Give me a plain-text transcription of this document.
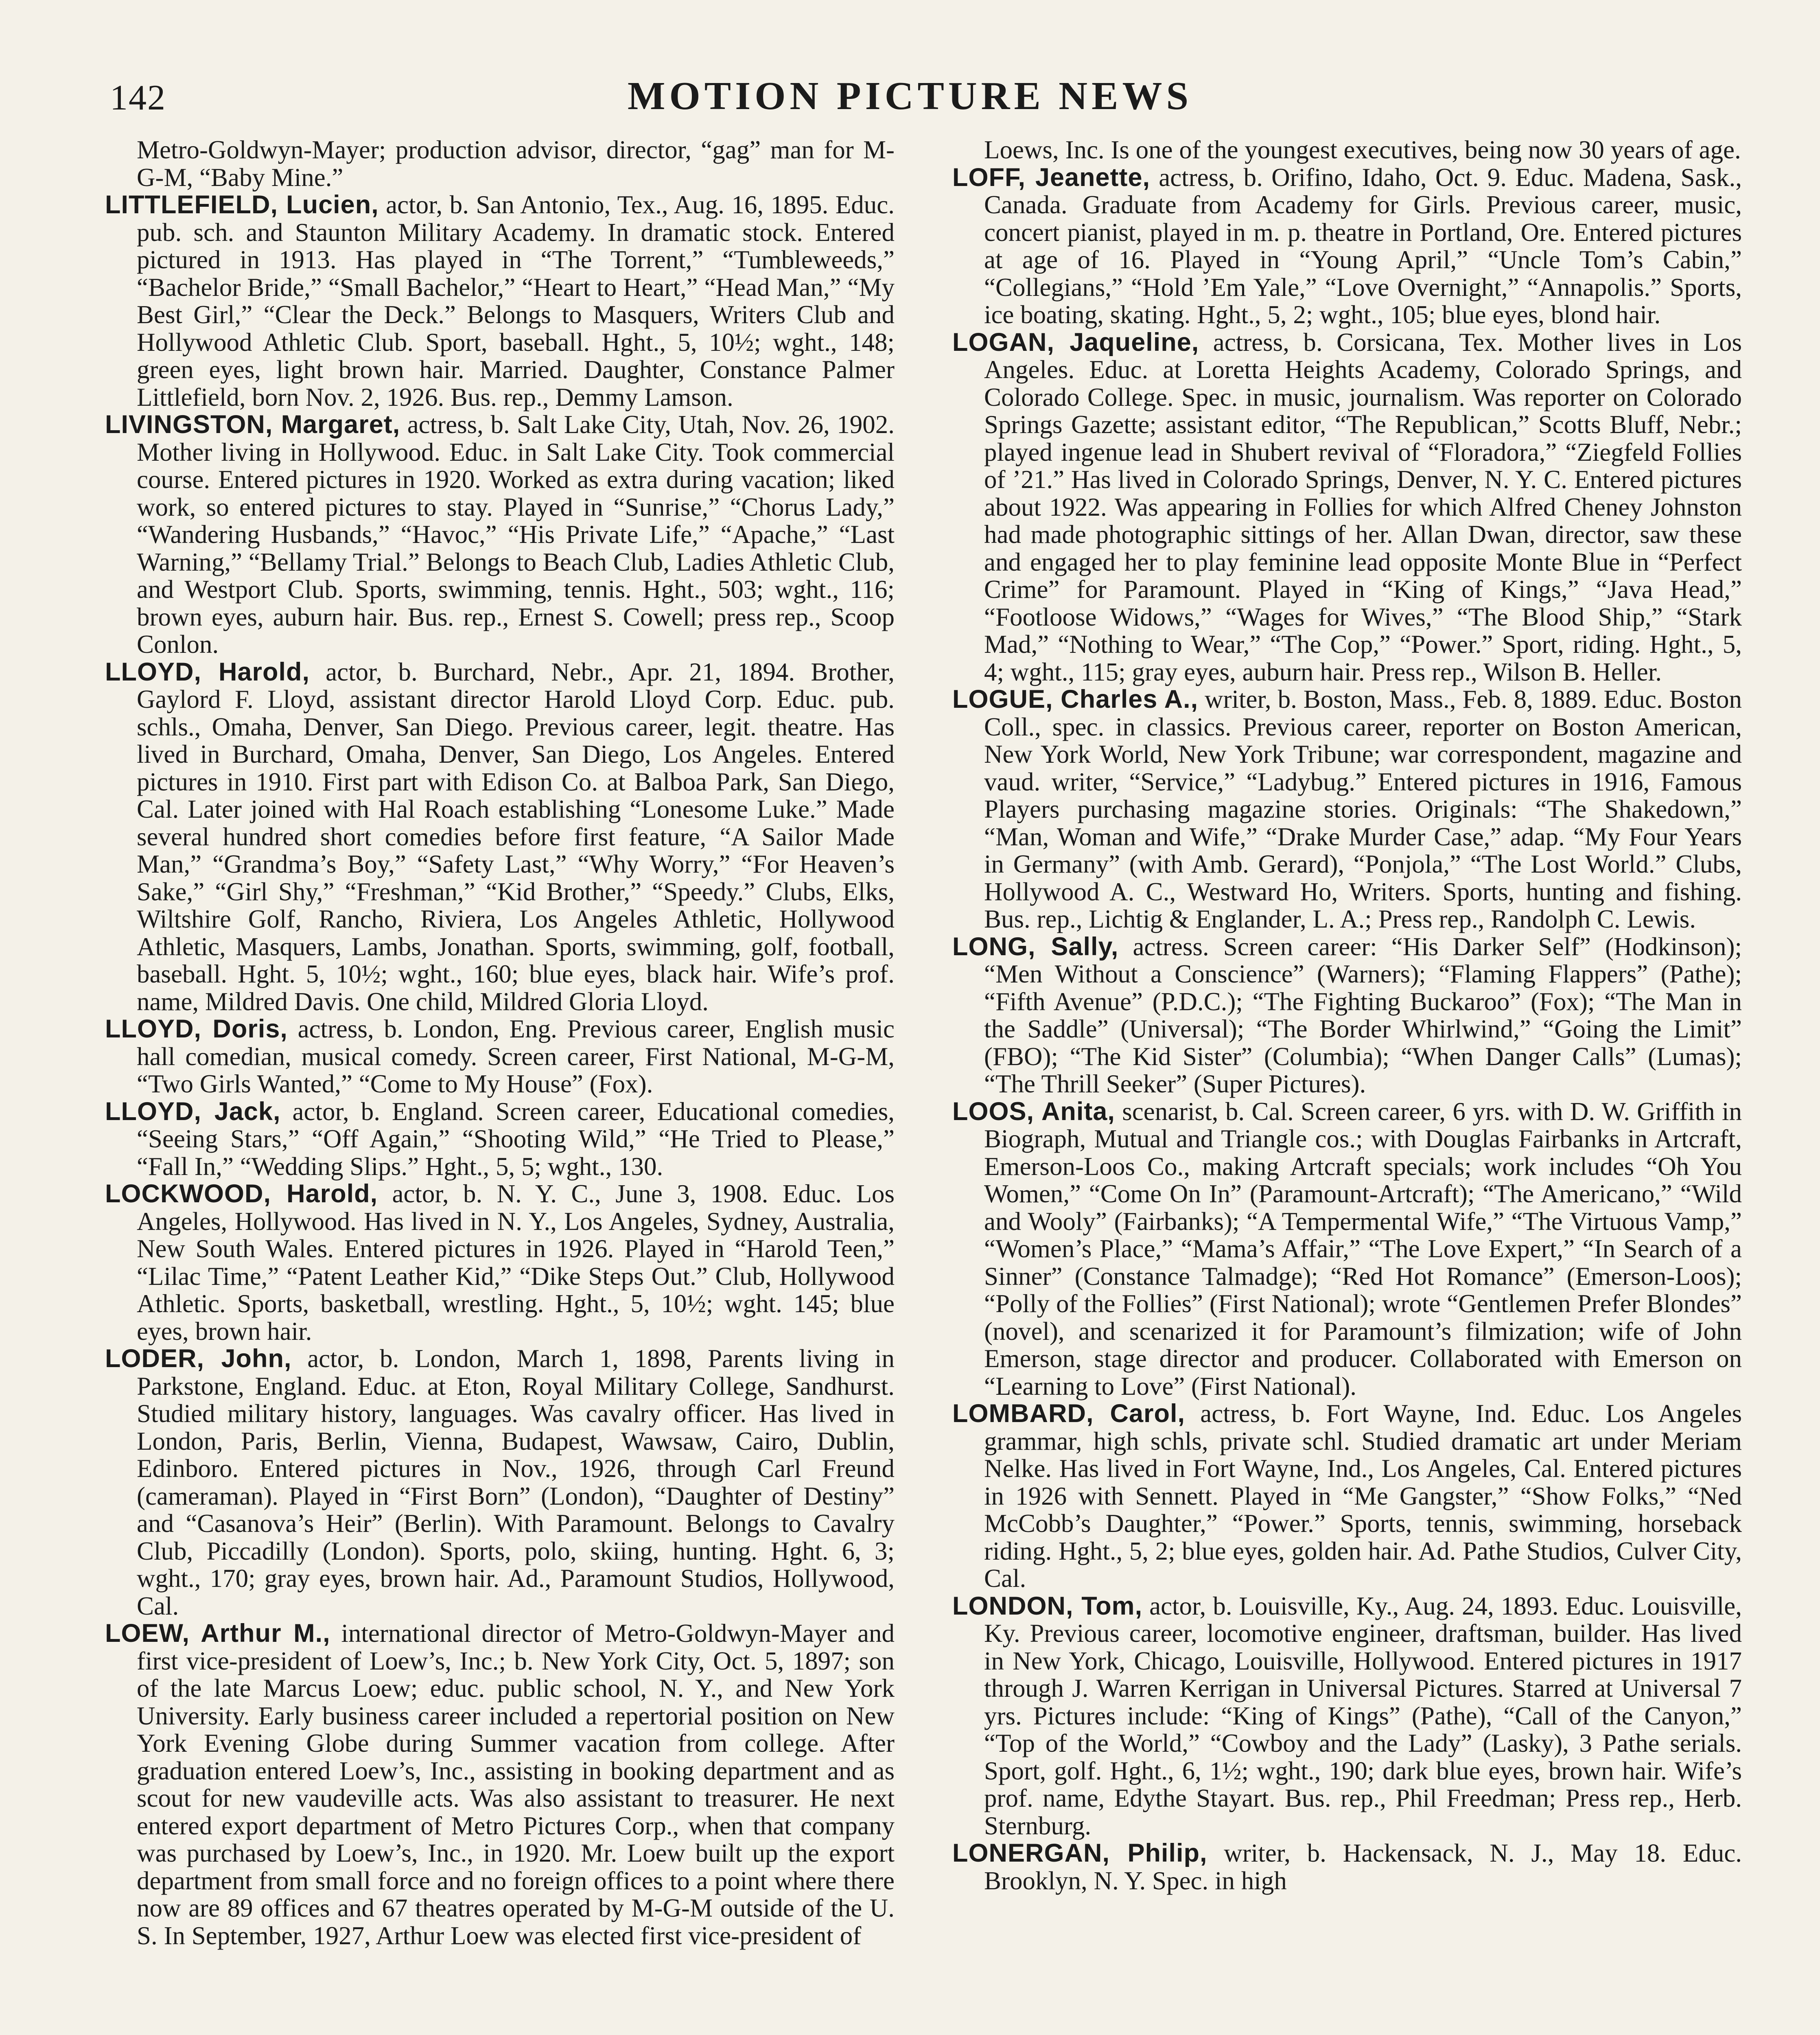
142	MOTION PICTURE NEWS

Metro-Goldwyn-Mayer; production advisor, director, “gag” man for M-G-M, “Baby Mine.”

LITTLEFIELD, Lucien, actor, b. San Antonio, Tex., Aug. 16, 1895. Educ. pub. sch. and Staunton Military Academy. In dramatic stock. Entered pictured in 1913. Has played in “The Torrent,” “Tumbleweeds,” “Bachelor Bride,” “Small Bachelor,” “Heart to Heart,” “Head Man,” “My Best Girl,” “Clear the Deck.” Belongs to Masquers, Writers Club and Hollywood Athletic Club. Sport, baseball. Hght., 5, 10½; wght., 148; green eyes, light brown hair. Married. Daughter, Constance Palmer Littlefield, born Nov. 2, 1926. Bus. rep., Demmy Lamson.

LIVINGSTON, Margaret, actress, b. Salt Lake City, Utah, Nov. 26, 1902. Mother living in Hollywood. Educ. in Salt Lake City. Took commercial course. Entered pictures in 1920. Worked as extra during vacation; liked work, so entered pictures to stay. Played in “Sunrise,” “Chorus Lady,” “Wandering Husbands,” “Havoc,” “His Private Life,” “Apache,” “Last Warning,” “Bellamy Trial.” Belongs to Beach Club, Ladies Athletic Club, and Westport Club. Sports, swimming, tennis. Hght., 503; wght., 116; brown eyes, auburn hair. Bus. rep., Ernest S. Cowell; press rep., Scoop Conlon.

LLOYD, Harold, actor, b. Burchard, Nebr., Apr. 21, 1894. Brother, Gaylord F. Lloyd, assistant director Harold Lloyd Corp. Educ. pub. schls., Omaha, Denver, San Diego. Previous career, legit. theatre. Has lived in Burchard, Omaha, Denver, San Diego, Los Angeles. Entered pictures in 1910. First part with Edison Co. at Balboa Park, San Diego, Cal. Later joined with Hal Roach establishing “Lonesome Luke.” Made several hundred short comedies before first feature, “A Sailor Made Man,” “Grandma’s Boy,” “Safety Last,” “Why Worry,” “For Heaven’s Sake,” “Girl Shy,” “Freshman,” “Kid Brother,” “Speedy.” Clubs, Elks, Wiltshire Golf, Rancho, Riviera, Los Angeles Athletic, Hollywood Athletic, Masquers, Lambs, Jonathan. Sports, swimming, golf, football, baseball. Hght. 5, 10½; wght., 160; blue eyes, black hair. Wife’s prof. name, Mildred Davis. One child, Mildred Gloria Lloyd.

LLOYD, Doris, actress, b. London, Eng. Previous career, English music hall comedian, musical comedy. Screen career, First National, M-G-M, “Two Girls Wanted,” “Come to My House” (Fox).

LLOYD, Jack, actor, b. England. Screen career, Educational comedies, “Seeing Stars,” “Off Again,” “Shooting Wild,” “He Tried to Please,” “Fall In,” “Wedding Slips.” Hght., 5, 5; wght., 130.

LOCKWOOD, Harold, actor, b. N. Y. C., June 3, 1908. Educ. Los Angeles, Hollywood. Has lived in N. Y., Los Angeles, Sydney, Australia, New South Wales. Entered pictures in 1926. Played in “Harold Teen,” “Lilac Time,” “Patent Leather Kid,” “Dike Steps Out.” Club, Hollywood Athletic. Sports, basketball, wrestling. Hght., 5, 10½; wght. 145; blue eyes, brown hair.

LODER, John, actor, b. London, March 1, 1898, Parents living in Parkstone, England. Educ. at Eton, Royal Military College, Sandhurst. Studied military history, languages. Was cavalry officer. Has lived in London, Paris, Berlin, Vienna, Budapest, Wawsaw, Cairo, Dublin, Edinboro. Entered pictures in Nov., 1926, through Carl Freund (cameraman). Played in “First Born” (London), “Daughter of Destiny” and “Casanova’s Heir” (Berlin). With Paramount. Belongs to Cavalry Club, Piccadilly (London). Sports, polo, skiing, hunting. Hght. 6, 3; wght., 170; gray eyes, brown hair. Ad., Paramount Studios, Hollywood, Cal.

LOEW, Arthur M., international director of Metro-Goldwyn-Mayer and first vice-president of Loew’s, Inc.; b. New York City, Oct. 5, 1897; son of the late Marcus Loew; educ. public school, N. Y., and New York University. Early business career included a repertorial position on New York Evening Globe during Summer vacation from college. After graduation entered Loew’s, Inc., assisting in booking department and as scout for new vaudeville acts. Was also assistant to treasurer. He next entered export department of Metro Pictures Corp., when that company was purchased by Loew’s, Inc., in 1920. Mr. Loew built up the export department from small force and no foreign offices to a point where there now are 89 offices and 67 theatres operated by M-G-M outside of the U. S. In September, 1927, Arthur Loew was elected first vice-president of

Loews, Inc. Is one of the youngest executives, being now 30 years of age.

LOFF, Jeanette, actress, b. Orifino, Idaho, Oct. 9. Educ. Madena, Sask., Canada. Graduate from Academy for Girls. Previous career, music, concert pianist, played in m. p. theatre in Portland, Ore. Entered pictures at age of 16. Played in “Young April,” “Uncle Tom’s Cabin,” “Collegians,” “Hold ’Em Yale,” “Love Overnight,” “Annapolis.” Sports, ice boating, skating. Hght., 5, 2; wght., 105; blue eyes, blond hair.

LOGAN, Jaqueline, actress, b. Corsicana, Tex. Mother lives in Los Angeles. Educ. at Loretta Heights Academy, Colorado Springs, and Colorado College. Spec. in music, journalism. Was reporter on Colorado Springs Gazette; assistant editor, “The Republican,” Scotts Bluff, Nebr.; played ingenue lead in Shubert revival of “Floradora,” “Ziegfeld Follies of ’21.” Has lived in Colorado Springs, Denver, N. Y. C. Entered pictures about 1922. Was appearing in Follies for which Alfred Cheney Johnston had made photographic sittings of her. Allan Dwan, director, saw these and engaged her to play feminine lead opposite Monte Blue in “Perfect Crime” for Paramount. Played in “King of Kings,” “Java Head,” “Footloose Widows,” “Wages for Wives,” “The Blood Ship,” “Stark Mad,” “Nothing to Wear,” “The Cop,” “Power.” Sport, riding. Hght., 5, 4; wght., 115; gray eyes, auburn hair. Press rep., Wilson B. Heller.

LOGUE, Charles A., writer, b. Boston, Mass., Feb. 8, 1889. Educ. Boston Coll., spec. in classics. Previous career, reporter on Boston American, New York World, New York Tribune; war correspondent, magazine and vaud. writer, “Service,” “Ladybug.” Entered pictures in 1916, Famous Players purchasing magazine stories. Originals: “The Shakedown,” “Man, Woman and Wife,” “Drake Murder Case,” adap. “My Four Years in Germany” (with Amb. Gerard), “Ponjola,” “The Lost World.” Clubs, Hollywood A. C., Westward Ho, Writers. Sports, hunting and fishing. Bus. rep., Lichtig & Englander, L. A.; Press rep., Randolph C. Lewis.

LONG, Sally, actress. Screen career: “His Darker Self” (Hodkinson); “Men Without a Conscience” (Warners); “Flaming Flappers” (Pathe); “Fifth Avenue” (P.D.C.); “The Fighting Buckaroo” (Fox); “The Man in the Saddle” (Universal); “The Border Whirlwind,” “Going the Limit” (FBO); “The Kid Sister” (Columbia); “When Danger Calls” (Lumas); “The Thrill Seeker” (Super Pictures).

LOOS, Anita, scenarist, b. Cal. Screen career, 6 yrs. with D. W. Griffith in Biograph, Mutual and Triangle cos.; with Douglas Fairbanks in Artcraft, Emerson-Loos Co., making Artcraft specials; work includes “Oh You Women,” “Come On In” (Paramount-Artcraft); “The Americano,” “Wild and Wooly” (Fairbanks); “A Tempermental Wife,” “The Virtuous Vamp,” “Women’s Place,” “Mama’s Affair,” “The Love Expert,” “In Search of a Sinner” (Constance Talmadge); “Red Hot Romance” (Emerson-Loos); “Polly of the Follies” (First National); wrote “Gentlemen Prefer Blondes” (novel), and scenarized it for Paramount’s filmization; wife of John Emerson, stage director and producer. Collaborated with Emerson on “Learning to Love” (First National).

LOMBARD, Carol, actress, b. Fort Wayne, Ind. Educ. Los Angeles grammar, high schls, private schl. Studied dramatic art under Meriam Nelke. Has lived in Fort Wayne, Ind., Los Angeles, Cal. Entered pictures in 1926 with Sennett. Played in “Me Gangster,” “Show Folks,” “Ned McCobb’s Daughter,” “Power.” Sports, tennis, swimming, horseback riding. Hght., 5, 2; blue eyes, golden hair. Ad. Pathe Studios, Culver City, Cal.

LONDON, Tom, actor, b. Louisville, Ky., Aug. 24, 1893. Educ. Louisville, Ky. Previous career, locomotive engineer, draftsman, builder. Has lived in New York, Chicago, Louisville, Hollywood. Entered pictures in 1917 through J. Warren Kerrigan in Universal Pictures. Starred at Universal 7 yrs. Pictures include: “King of Kings” (Pathe), “Call of the Canyon,” “Top of the World,” “Cowboy and the Lady” (Lasky), 3 Pathe serials. Sport, golf. Hght., 6, 1½; wght., 190; dark blue eyes, brown hair. Wife’s prof. name, Edythe Stayart. Bus. rep., Phil Freedman; Press rep., Herb. Sternburg.

LONERGAN, Philip, writer, b. Hackensack, N. J., May 18. Educ. Brooklyn, N. Y. Spec. in high
